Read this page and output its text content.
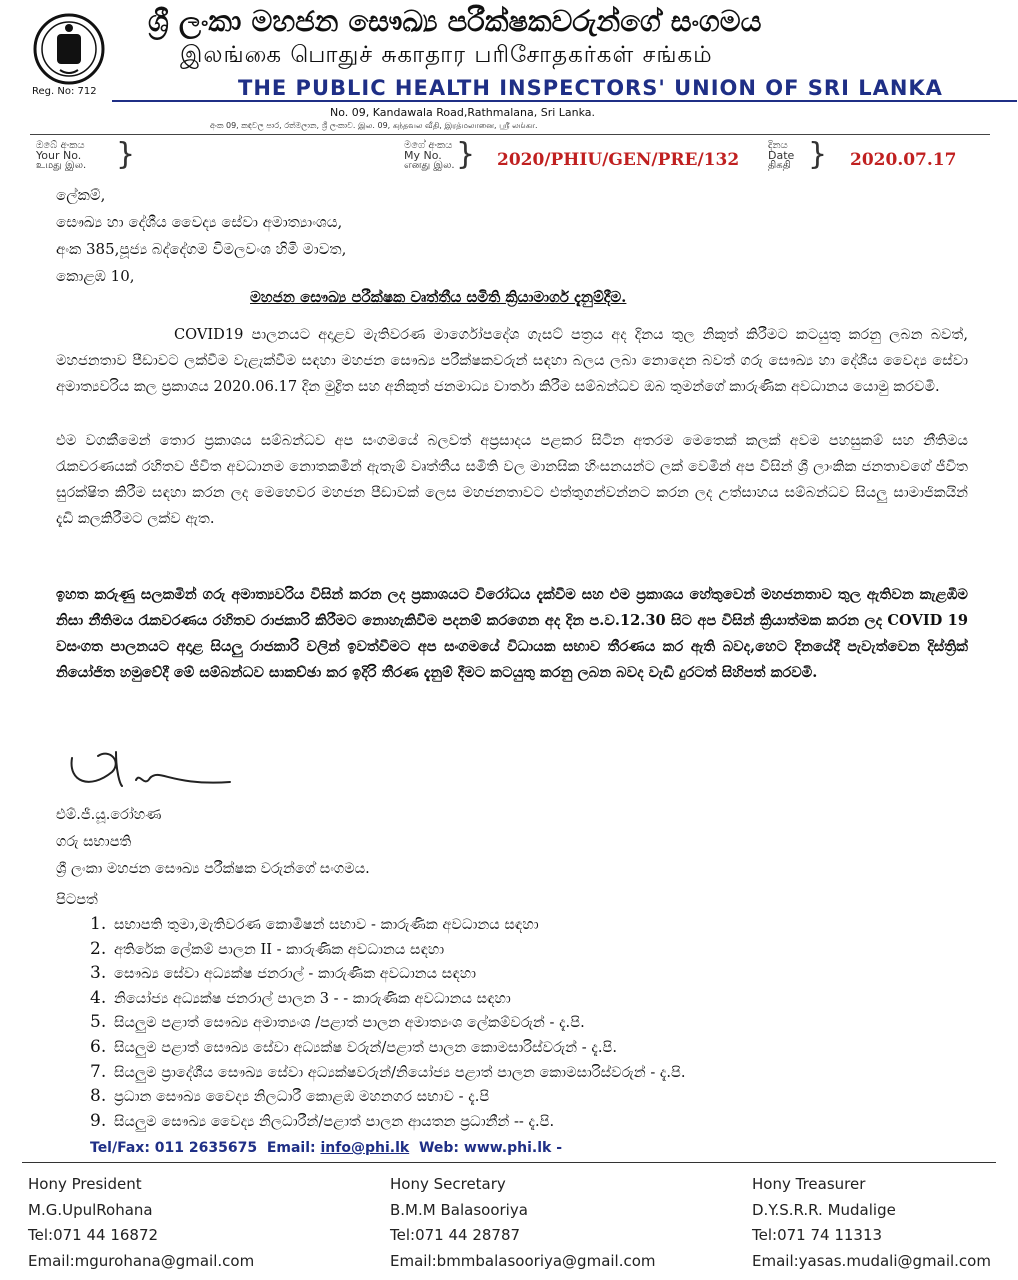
Reg. No: 712
ශ්‍රී ලංකා මහජන සෞඛ්‍ය පරීක්ෂකවරුන්ගේ සංගමය
இலங்கை பொதுச் சுகாதார பரிசோதகர்கள் சங்கம்
THE PUBLIC HEALTH INSPECTORS' UNION OF SRI LANKA
No. 09, Kandawala Road,Rathmalana, Sri Lanka.
අංක 09, කඳවල පාර, රත්මලාන, ශ්‍රී ලංකාව. இல. 09, கந்தவல வீதி, இரத்மலானை, ஸ்ரீ லங்கா.
ඔබේ අංකය
Your No.
உமது இல. }	මගේ අංකය
My No.
எனது இல. } 2020/PHIU/GEN/PRE/132
දිනය
Date
திகதி } 2020.07.17
ලේකම්,
සෞඛ්‍ය හා දේශීය වෛද්‍ය සේවා අමාත්‍යාංශය,
අංක 385,පූජ්‍ය බද්දේගම විමලවංශ හිමි මාවත,
කොළඹ 10,
මහජන සෞඛ්‍ය පරීක්ෂක වෘත්තීය සමිති ක්‍රියාමාර්ග දැනුම්දීම.
COVID19 පාලනයට අදාළව මැතිවරණ මාර්ගෝපදේශ ගැසට් පත්‍රය අද දිනය තුල නිකුත් කිරීමට කටයුතු කරනු ලබන බවත්, මහජනතාව පීඩාවට ලක්වීම වැළැක්වීම සඳහා මහජන සෞඛ්‍ය පරීක්ෂකවරුන් සඳහා බලය ලබා නොදෙන බවත් ගරු සෞඛ්‍ය හා දේශීය වෛද්‍ය සේවා අමාත්‍යවරිය කල ප්‍රකාශය 2020.06.17 දින මුද්‍රිත සහ අනිකුත් ජනමාධ්‍ය වාර්තා කිරීම සම්බන්ධව ඔබ තුමන්ගේ කාරුණික අවධානය යොමු කරවමි.
එම වගකීමෙන් තොර ප්‍රකාශය සම්බන්ධව අප සංගමයේ බලවත් අප්‍රසාදය පළකර සිටින අතරම මෙතෙක් කලක් අවම පහසුකම් සහ නීතිමය රැකවරණයක් රහිතව ජීවිත අවධානම නොතකමින් ඇතැම් වෘත්තීය සමිති වල මානසික හිංසනයන්ට ලක් වෙමින් අප විසින් ශ්‍රී ලාංකික ජනතාවගේ ජීවිත සුරක්ෂිත කිරීම සඳහා කරන ලද මෙහෙවර මහජන පීඩාවක් ලෙස මහජනතාවට එත්තුගන්වන්නට කරන ලද උත්සාහය සම්බන්ධව සියලු සාමාජිකයින් දැඩි කලකිරීමට ලක්ව ඇත.
ඉහත කරුණු සලකමින් ගරු අමාත්‍යවරිය විසින් කරන ලද ප්‍රකාශයට විරෝධය දැක්වීම සහ එම ප්‍රකාශය හේතුවෙන් මහජනතාව තුල ඇතිවන කැළඹීම නිසා නීතිමය රැකවරණය රහිතව රාජකාරි කිරීමට නොහැකිවීම පදනම් කරගෙන අද දින ප.ව.12.30 සිට අප විසින් ක්‍රියාත්මක කරන ලද COVID 19 වසංගත පාලනයට අදාළ සියලු රාජකාරි වලින් ඉවත්වීමට අප සංගමයේ විධායක සභාව තීරණය කර ඇති බවද,හෙට දිනයේදී පැවැත්වෙන දිස්ත්‍රික් නියෝජිත හමුවේදී මේ සම්බන්ධව සාකච්ඡා කර ඉදිරි තීරණ දැනුම් දීමට කටයුතු කරනු ලබන බවද වැඩි දුරටත් සිහිපත් කරවමි.
එම්.ජී.යූ.රෝහණ
ගරු සභාපති
ශ්‍රී ලංකා මහජන සෞඛ්‍ය පරීක්ෂක වරුන්ගේ සංගමය.
පිටපත්
1. සභාපති තුමා,මැතිවරණ කොමිෂන් සභාව - කාරුණික අවධානය සඳහා
2. අතිරේක ලේකම් පාලන II - කාරුණික අවධානය සඳහා
3. සෞඛ්‍ය සේවා අධ්‍යක්ෂ ජනරාල් - කාරුණික අවධානය සඳහා
4. නියෝජ්‍ය අධ්‍යක්ෂ ජනරාල් පාලන 3 - - කාරුණික අවධානය සඳහා
5. සියලුම පළාත් සෞඛ්‍ය අමාත්‍යංශ /පළාත් පාලන අමාත්‍යංශ ලේකම්වරුන් - දැ.පි.
6. සියලුම පළාත් සෞඛ්‍ය සේවා අධ්‍යක්ෂ වරුන්/පළාත් පාලන කොමසාරිස්වරුන් - දැ.පි.
7. සියලුම ප්‍රාදේශීය සෞඛ්‍ය සේවා අධ්‍යක්ෂවරුන්/නියෝජ්‍ය පළාත් පාලන කොමසාරිස්වරුන් - දැ.පි.
8. ප්‍රධාන සෞඛ්‍ය වෛද්‍ය නිලධාරී කොළඹ මහනගර සභාව - දැ.පි
9. සියලුම සෞඛ්‍ය වෛද්‍ය නිලධාරීන්/පළාත් පාලන ආයතන ප්‍රධානීන් -- දැ.පි.
Tel/Fax: 011 2635675 Email: info@phi.lk Web: www.phi.lk -
Hony President
M.G.UpulRohana
Tel:071 44 16872
Email:mgurohana@gmail.com
Hony Secretary
B.M.M Balasooriya
Tel:071 44 28787
Email:bmmbalasooriya@gmail.com
Hony Treasurer
D.Y.S.R.R. Mudalige
Tel:071 74 11313
Email:yasas.mudali@gmail.com
